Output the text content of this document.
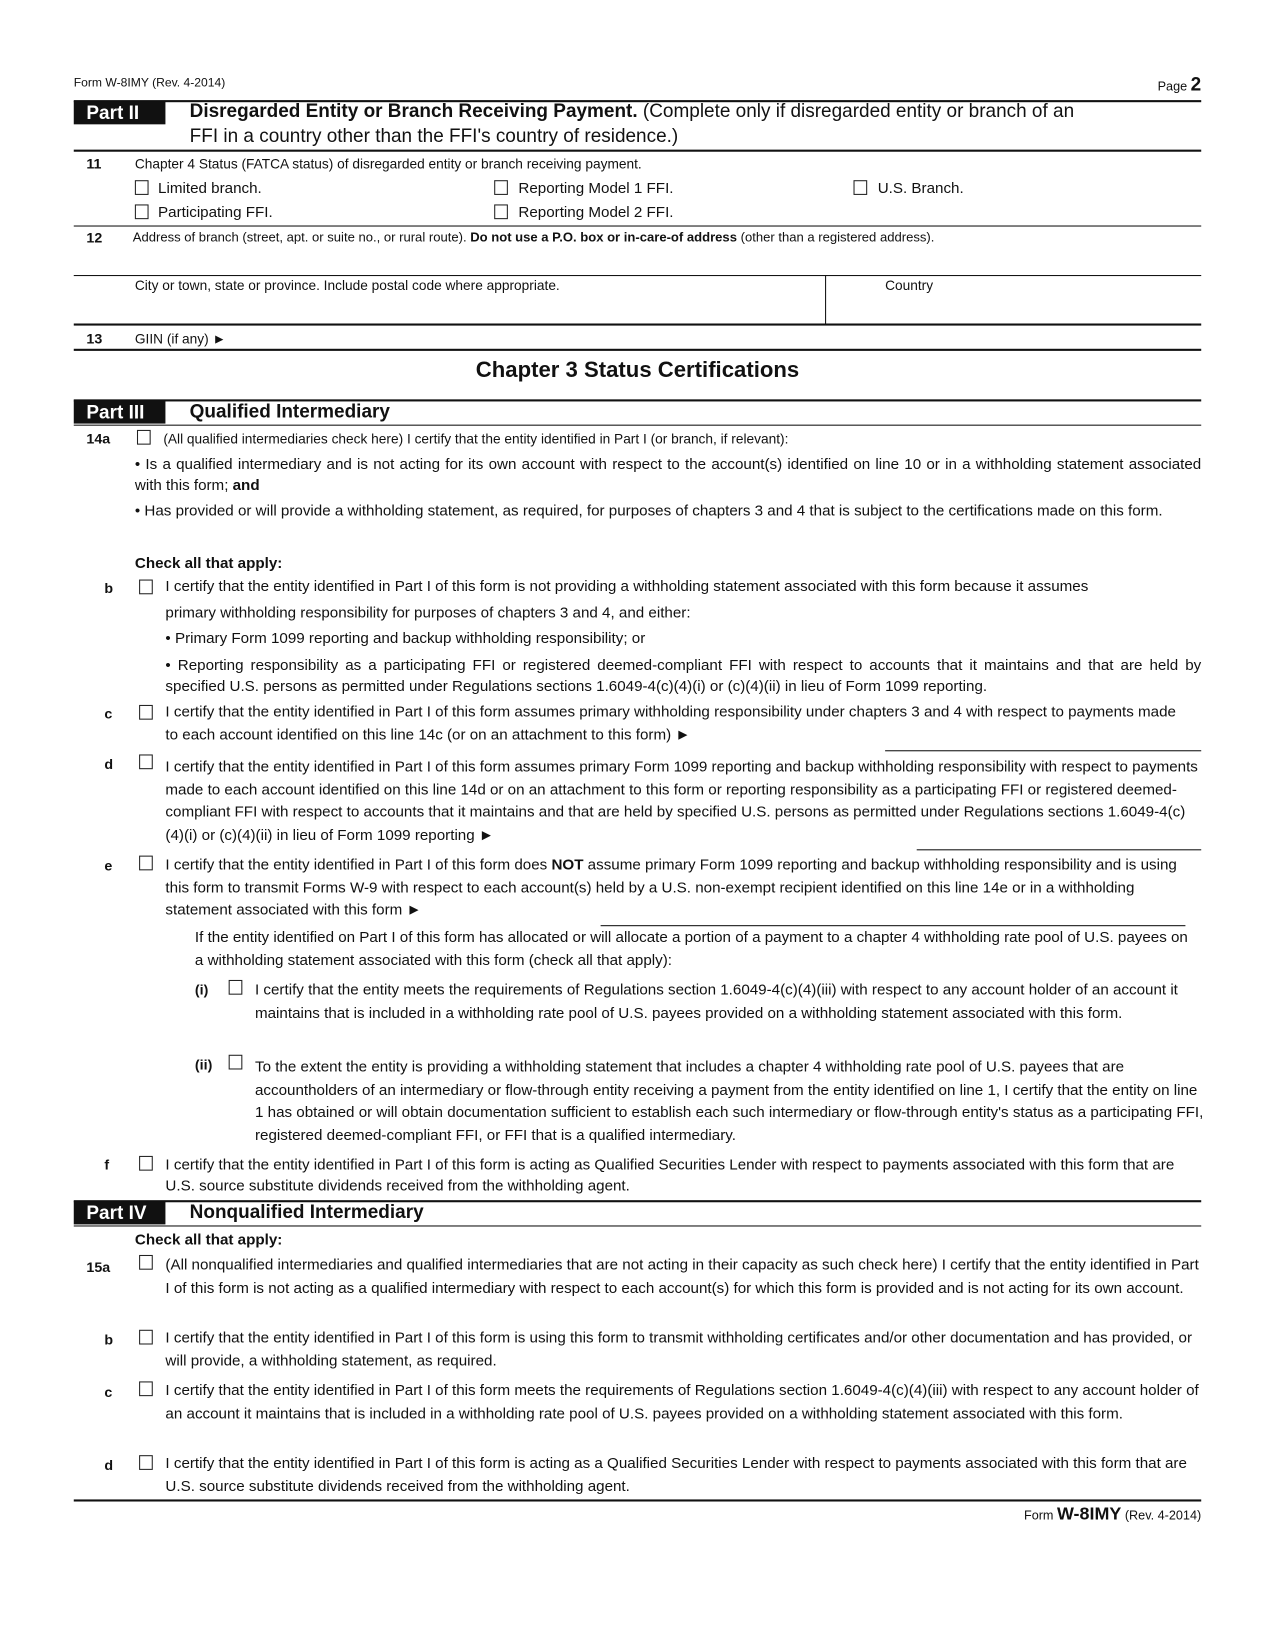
Form W-8IMY (Rev. 4-2014)	Page 2
Part II	Disregarded Entity or Branch Receiving Payment. (Complete only if disregarded entity or branch of an
FFI in a country other than the FFI's country of residence.)
11	Chapter 4 Status (FATCA status) of disregarded entity or branch receiving payment.
Limited branch.	Reporting Model 1 FFI.	U.S. Branch.
Participating FFI.	Reporting Model 2 FFI.
12 Address of branch (street, apt. or suite no., or rural route). Do not use a P.O. box or in-care-of address (other than a registered address).
City or town, state or province. Include postal code where appropriate.	Country
13	GIIN (if any) ►
Chapter 3 Status Certifications
Part III	Qualified Intermediary
14a	(All qualified intermediaries check here) I certify that the entity identified in Part I (or branch, if relevant):
• Is a qualified intermediary and is not acting for its own account with respect to the account(s) identified on line 10 or in a withholding statement associated with this form; and
• Has provided or will provide a withholding statement, as required, for purposes of chapters 3 and 4 that is subject to the certifications made on this form.
Check all that apply:
b	I certify that the entity identified in Part I of this form is not providing a withholding statement associated with this form because it assumes
primary withholding responsibility for purposes of chapters 3 and 4, and either:
• Primary Form 1099 reporting and backup withholding responsibility; or
• Reporting responsibility as a participating FFI or registered deemed-compliant FFI with respect to accounts that it maintains and that are held by specified U.S. persons as permitted under Regulations sections 1.6049-4(c)(4)(i) or (c)(4)(ii) in lieu of Form 1099 reporting.
c	I certify that the entity identified in Part I of this form assumes primary withholding responsibility under chapters 3 and 4 with respect to payments made to each account identified on this line 14c (or on an attachment to this form) ►
d	I certify that the entity identified in Part I of this form assumes primary Form 1099 reporting and backup withholding responsibility with respect to payments made to each account identified on this line 14d or on an attachment to this form or reporting responsibility as a participating FFI or registered deemed-compliant FFI with respect to accounts that it maintains and that are held by specified U.S. persons as permitted under Regulations sections 1.6049-4(c)(4)(i) or (c)(4)(ii) in lieu of Form 1099 reporting ►
e	I certify that the entity identified in Part I of this form does NOT assume primary Form 1099 reporting and backup withholding responsibility and is using this form to transmit Forms W-9 with respect to each account(s) held by a U.S. non-exempt recipient identified on this line 14e or in a withholding statement associated with this form ►
If the entity identified on Part I of this form has allocated or will allocate a portion of a payment to a chapter 4 withholding rate pool of U.S. payees on a withholding statement associated with this form (check all that apply):
(i)	I certify that the entity meets the requirements of Regulations section 1.6049-4(c)(4)(iii) with respect to any account holder of an account it maintains that is included in a withholding rate pool of U.S. payees provided on a withholding statement associated with this form.
(ii)	To the extent the entity is providing a withholding statement that includes a chapter 4 withholding rate pool of U.S. payees that are accountholders of an intermediary or flow-through entity receiving a payment from the entity identified on line 1, I certify that the entity on line 1 has obtained or will obtain documentation sufficient to establish each such intermediary or flow-through entity's status as a participating FFI, registered deemed-compliant FFI, or FFI that is a qualified intermediary.
f	I certify that the entity identified in Part I of this form is acting as Qualified Securities Lender with respect to payments associated with this form that are U.S. source substitute dividends received from the withholding agent.
Part IV	Nonqualified Intermediary
Check all that apply:
15a	(All nonqualified intermediaries and qualified intermediaries that are not acting in their capacity as such check here) I certify that the entity identified in Part I of this form is not acting as a qualified intermediary with respect to each account(s) for which this form is provided and is not acting for its own account.
b	I certify that the entity identified in Part I of this form is using this form to transmit withholding certificates and/or other documentation and has provided, or will provide, a withholding statement, as required.
c	I certify that the entity identified in Part I of this form meets the requirements of Regulations section 1.6049-4(c)(4)(iii) with respect to any account holder of an account it maintains that is included in a withholding rate pool of U.S. payees provided on a withholding statement associated with this form.
d	I certify that the entity identified in Part I of this form is acting as a Qualified Securities Lender with respect to payments associated with this form that are U.S. source substitute dividends received from the withholding agent.
Form W-8IMY (Rev. 4-2014)
